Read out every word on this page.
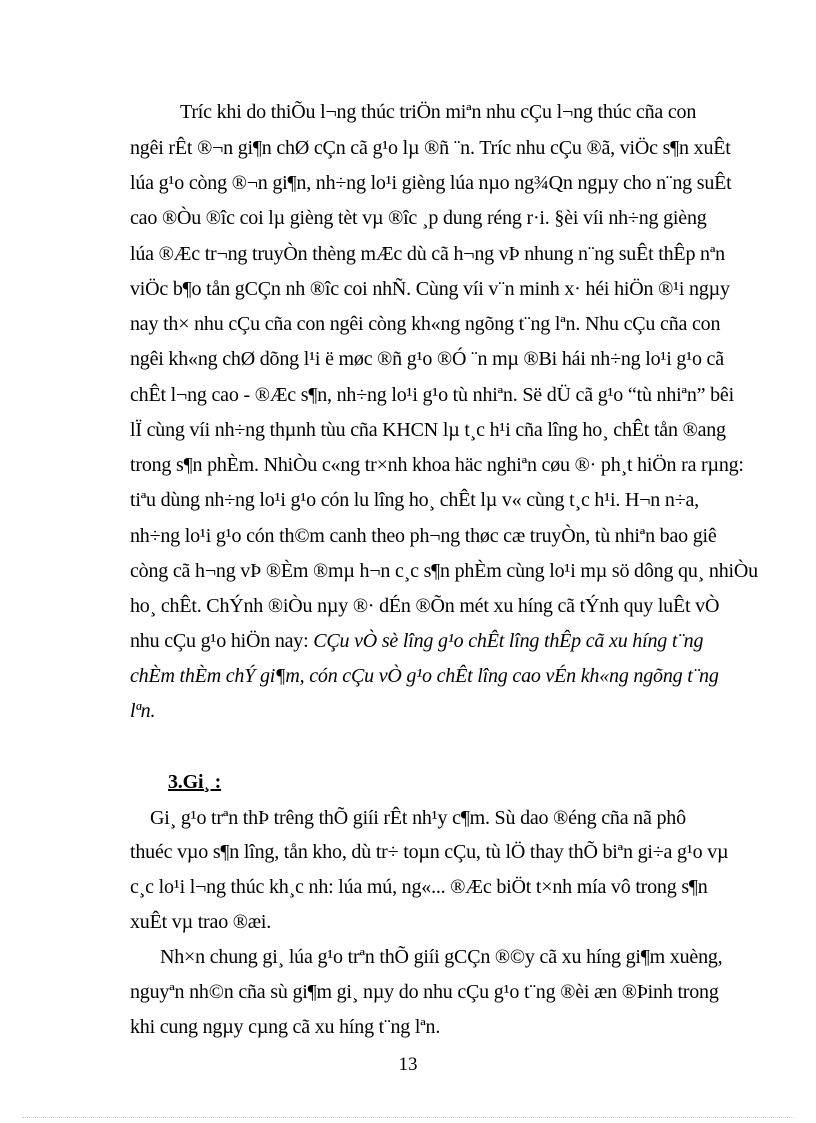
Tríc khi do thiÕu l¬ng thúc triÖn miªn nhu cÇu l¬ng thúc cña con
ngêi rÊt ®¬n gi¶n chØ cÇn cã g¹o lµ ®ñ ¨n. Tríc nhu cÇu ®ã, viÖc s¶n xuÊt
lúa g¹o còng ®¬n gi¶n, nh÷ng lo¹i gièng lúa nµo ng¾Qn ngµy cho n¨ng suÊt
cao ®Òu ®îc coi lµ gièng tèt vµ ®îc ¸p dung réng r·i. §èi víi nh÷ng gièng
lúa ®Æc tr¬ng truyÒn thèng mÆc dù cã h¬ng vÞ nhung n¨ng suÊt thÊp nªn
viÖc b¶o tån gCÇn nh ®îc coi nhÑ. Cùng víi v¨n minh x· héi hiÖn ®¹i ngµy
nay th× nhu cÇu cña con ngêi còng kh«ng ngõng t¨ng lªn. Nhu cÇu cña con
ngêi kh«ng chØ dõng l¹i ë møc ®ñ g¹o ®Ó ¨n mµ ®Bi hái nh÷ng lo¹i g¹o cã
chÊt l¬ng cao - ®Æc s¶n, nh÷ng lo¹i g¹o tù nhiªn. Së dÜ cã g¹o “tù nhiªn” bêi
lÏ cùng víi nh÷ng thµnh tùu cña KHCN lµ t¸c h¹i cña lîng ho¸ chÊt tån ®ang
trong s¶n phÈm. NhiÒu c«ng tr×nh khoa häc nghiªn cøu ®· ph¸t hiÖn ra rµng:
tiªu dùng nh÷ng lo¹i g¹o cón lu lîng ho¸ chÊt lµ v« cùng t¸c h¹i. H¬n n÷a,
nh÷ng lo¹i g¹o cón th©m canh theo ph¬ng thøc cæ truyÒn, tù nhiªn bao giê
còng cã h¬ng vÞ ®Èm ®mµ h¬n c¸c s¶n phÈm cùng lo¹i mµ sö dông qu¸ nhiÒu
ho¸ chÊt. ChÝnh ®iÒu nµy ®· dÉn ®Õn mét xu híng cã tÝnh quy luÊt vÒ
nhu cÇu g¹o hiÖn nay: CÇu vÒ sè lîng g¹o chÊt lîng thÊp cã xu híng t¨ng
chÈm thÈm chÝ gi¶m, cón cÇu vÒ g¹o chÊt lîng cao vÉn kh«ng ngõng t¨ng
lªn.
3.Gi¸ :
Gi¸ g¹o trªn thÞ trêng thÕ giíi rÊt nh¹y c¶m. Sù dao ®éng cña nã phô
thuéc vµo s¶n lîng, tån kho, dù tr÷ toµn cÇu, tù lÖ thay thÕ biªn gi÷a g¹o vµ
c¸c lo¹i l¬ng thúc kh¸c nh: lúa mú, ng«... ®Æc biÖt t×nh mía vô trong s¶n
xuÊt vµ trao ®æi.
Nh×n chung gi¸ lúa g¹o trªn thÕ giíi gCÇn ®©y cã xu híng gi¶m xuèng,
nguyªn nh©n cña sù gi¶m gi¸ nµy do nhu cÇu g¹o t¨ng ®èi æn ®Þinh trong
khi cung ngµy cµng cã xu híng t¨ng lªn.
13
